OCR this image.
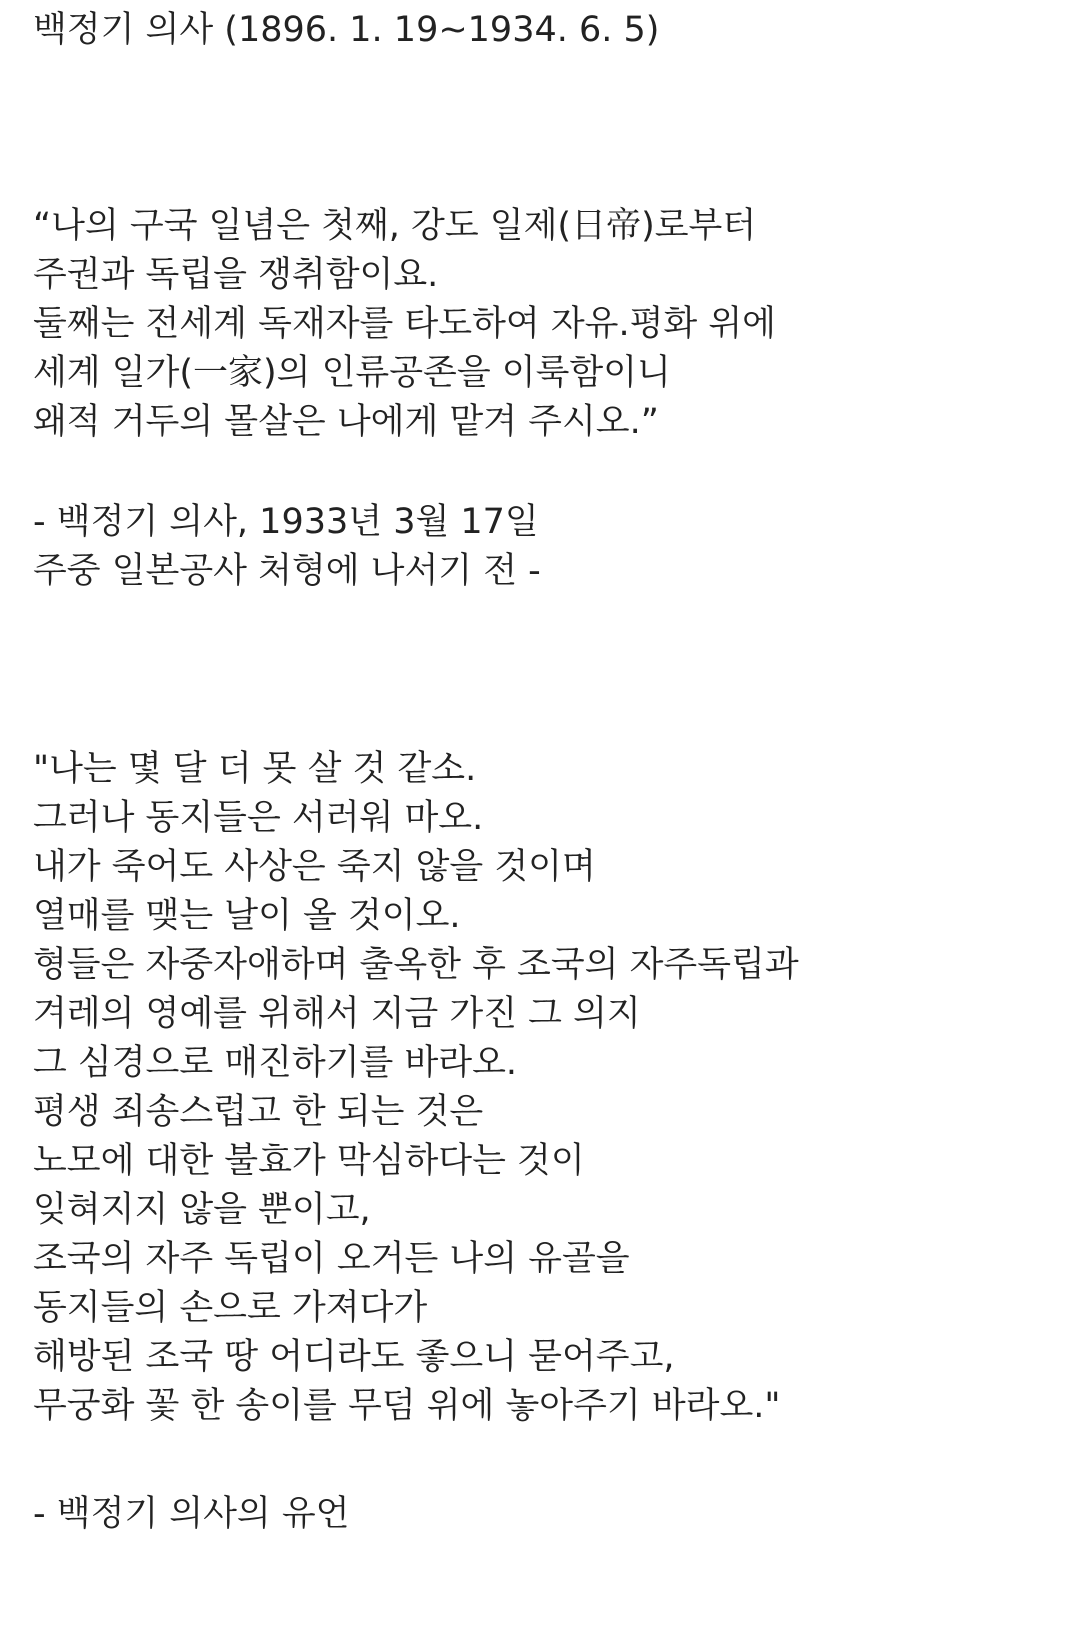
백정기 의사 (1896. 1. 19~1934. 6. 5)
“나의 구국 일념은 첫째, 강도 일제(日帝)로부터
주권과 독립을 쟁취함이요.
둘째는 전세계 독재자를 타도하여 자유.평화 위에
세계 일가(一家)의 인류공존을 이룩함이니
왜적 거두의 몰살은 나에게 맡겨 주시오.”
- 백정기 의사, 1933년 3월 17일
주중 일본공사 처형에 나서기 전 -
"나는 몇 달 더 못 살 것 같소.
그러나 동지들은 서러워 마오.
내가 죽어도 사상은 죽지 않을 것이며
열매를 맺는 날이 올 것이오.
형들은 자중자애하며 출옥한 후 조국의 자주독립과
겨레의 영예를 위해서 지금 가진 그 의지
그 심경으로 매진하기를 바라오.
평생 죄송스럽고 한 되는 것은
노모에 대한 불효가 막심하다는 것이
잊혀지지 않을 뿐이고,
조국의 자주 독립이 오거든 나의 유골을
동지들의 손으로 가져다가
해방된 조국 땅 어디라도 좋으니 묻어주고,
무궁화 꽃 한 송이를 무덤 위에 놓아주기 바라오."
- 백정기 의사의 유언
